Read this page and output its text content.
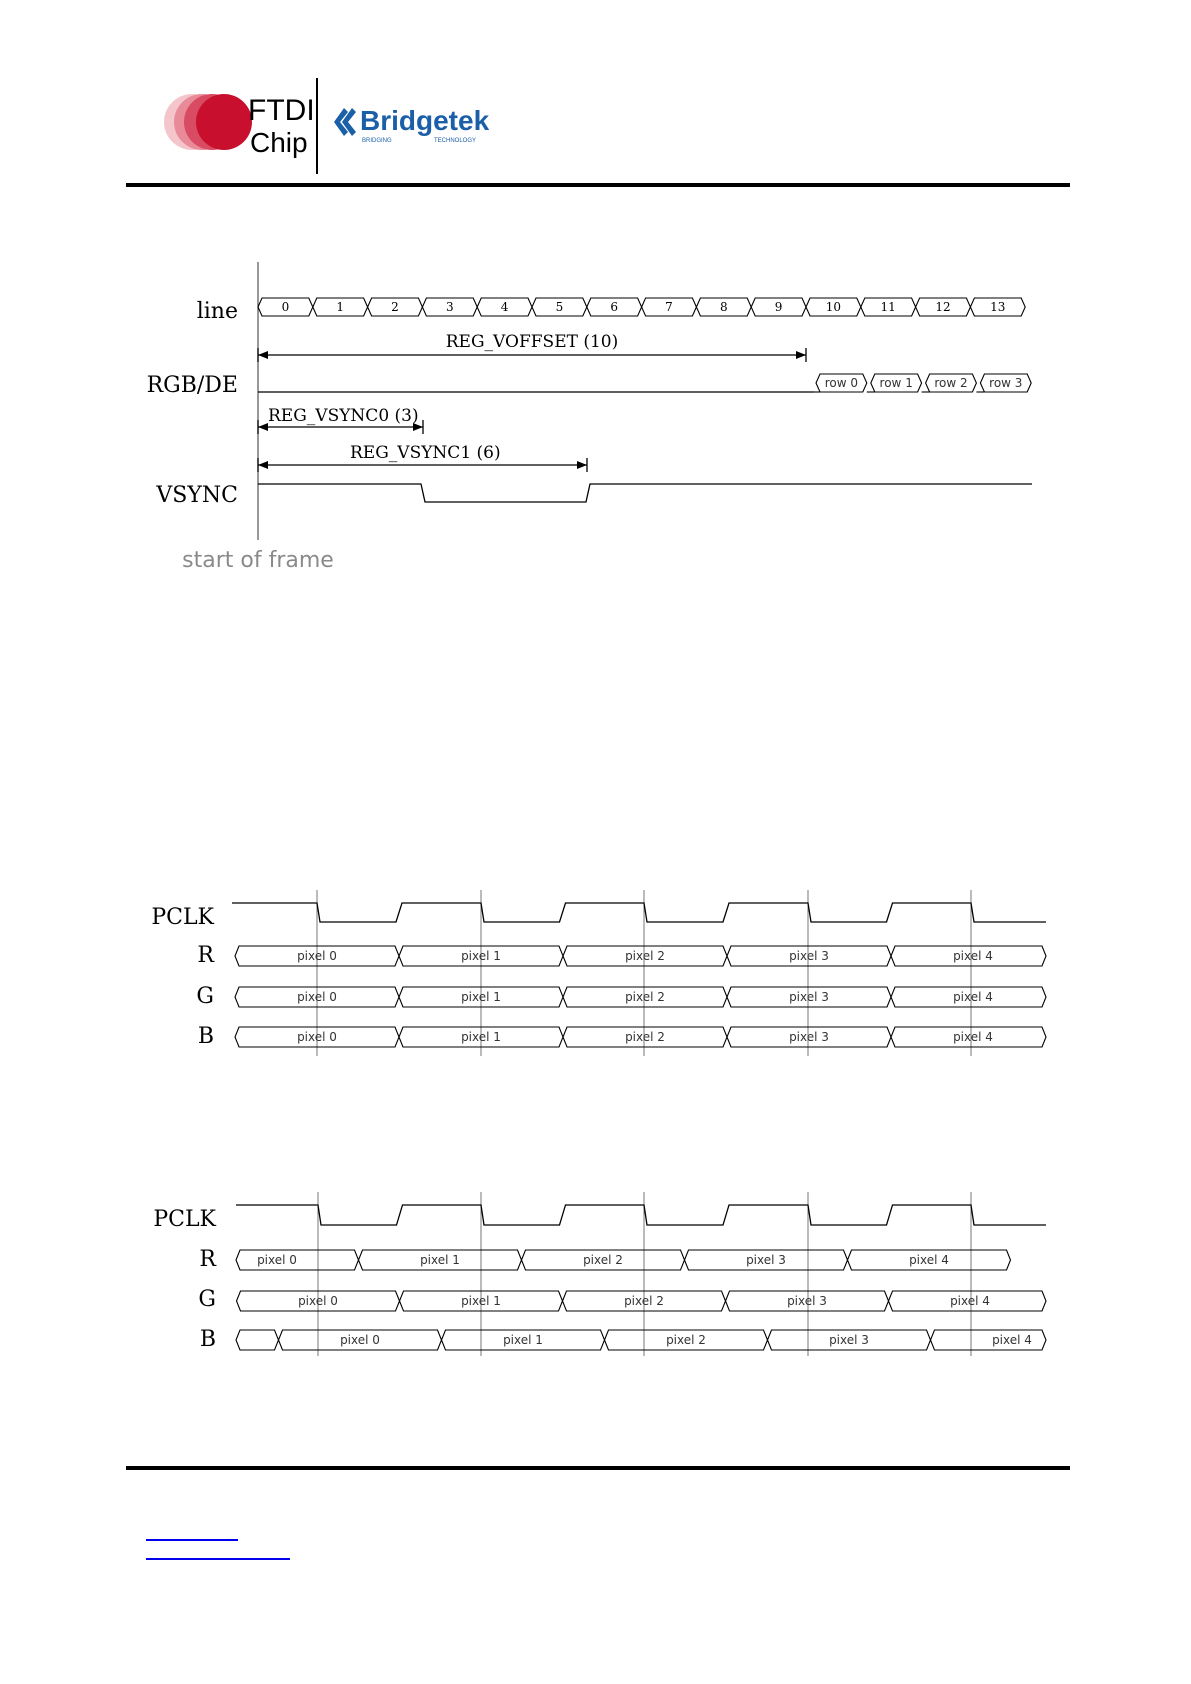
FTDI
Chip
Bridgetek
BRIDGING	TECHNOLOGY
line
RGB/DE
VSYNC
0	1	2	3	4	5	6	7	8	9	10	11	12	13
row 0 row 1 row 2 row 3
REG_VOFFSET (10)
REG_VSYNC0 (3)
REG_VSYNC1 (6)
start of frame
PCLK
R
G
B
pixel 0	pixel 1	pixel 2	pixel 3	pixel 4
pixel 0	pixel 1	pixel 2	pixel 3	pixel 4
pixel 0	pixel 1	pixel 2	pixel 3	pixel 4
PCLK
R
G
B
pixel 0	pixel 1	pixel 2	pixel 3	pixel 4
pixel 0	pixel 1	pixel 2	pixel 3	pixel 4
pixel 0	pixel 1	pixel 2	pixel 3	pixel 4
